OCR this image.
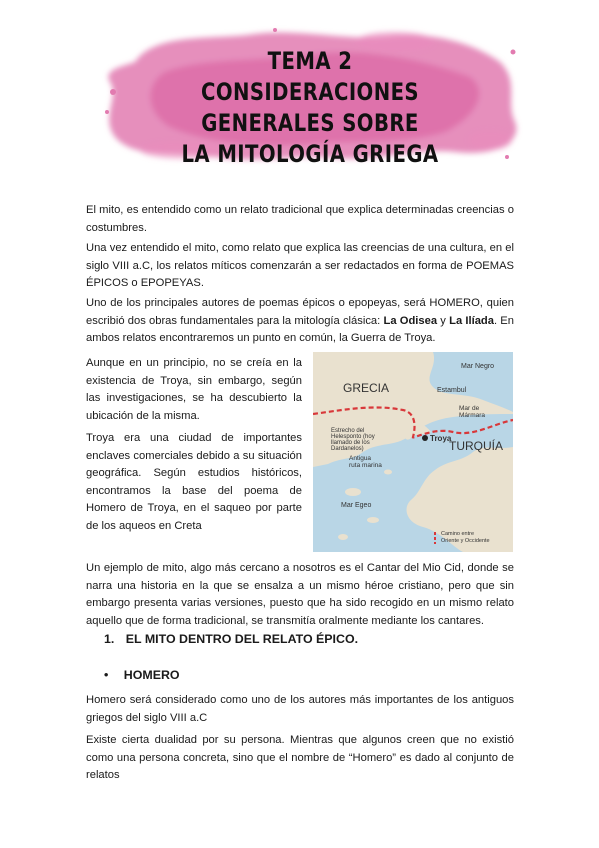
TEMA 2
CONSIDERACIONES GENERALES SOBRE
LA MITOLOGÍA GRIEGA

El mito, es entendido como un relato tradicional que explica determinadas creencias o costumbres.

Una vez entendido el mito, como relato que explica las creencias de una cultura, en el siglo VIII a.C, los relatos míticos comenzarán a ser redactados en forma de POEMAS ÉPICOS o EPOPEYAS.

Uno de los principales autores de poemas épicos o epopeyas, será HOMERO, quien escribió dos obras fundamentales para la mitología clásica: La Odisea y La Ilíada. En ambos relatos encontraremos un punto en común, la Guerra de Troya.

Aunque en un principio, no se creía en la existencia de Troya, sin embargo, según las investigaciones, se ha descubierto la ubicación de la misma.

Troya era una ciudad de importantes enclaves comerciales debido a su situación geográfica. Según estudios históricos, encontramos la base del poema de Homero de Troya, en el saqueo por parte de los aqueos en Creta

GRECIA
TURQUÍA
Mar Negro
Estambul
Mar de
Mármara
Estrecho del
Helesponto (hoy
llamado de los
Dardanelos)
Troya
Antigua
ruta marina
Mar Egeo
Camino entre
Oriente y Occidente

Un ejemplo de mito, algo más cercano a nosotros es el Cantar del Mio Cid, donde se narra una historia en la que se ensalza a un mismo héroe cristiano, pero que sin embargo presenta varias versiones, puesto que ha sido recogido en un mismo relato aquello que de forma tradicional, se transmitía oralmente mediante los cantares.

1. EL MITO DENTRO DEL RELATO ÉPICO.
• HOMERO

Homero será considerado como uno de los autores más importantes de los antiguos griegos del siglo VIII a.C

Existe cierta dualidad por su persona. Mientras que algunos creen que no existió como una persona concreta, sino que el nombre de “Homero” es dado al conjunto de relatos
